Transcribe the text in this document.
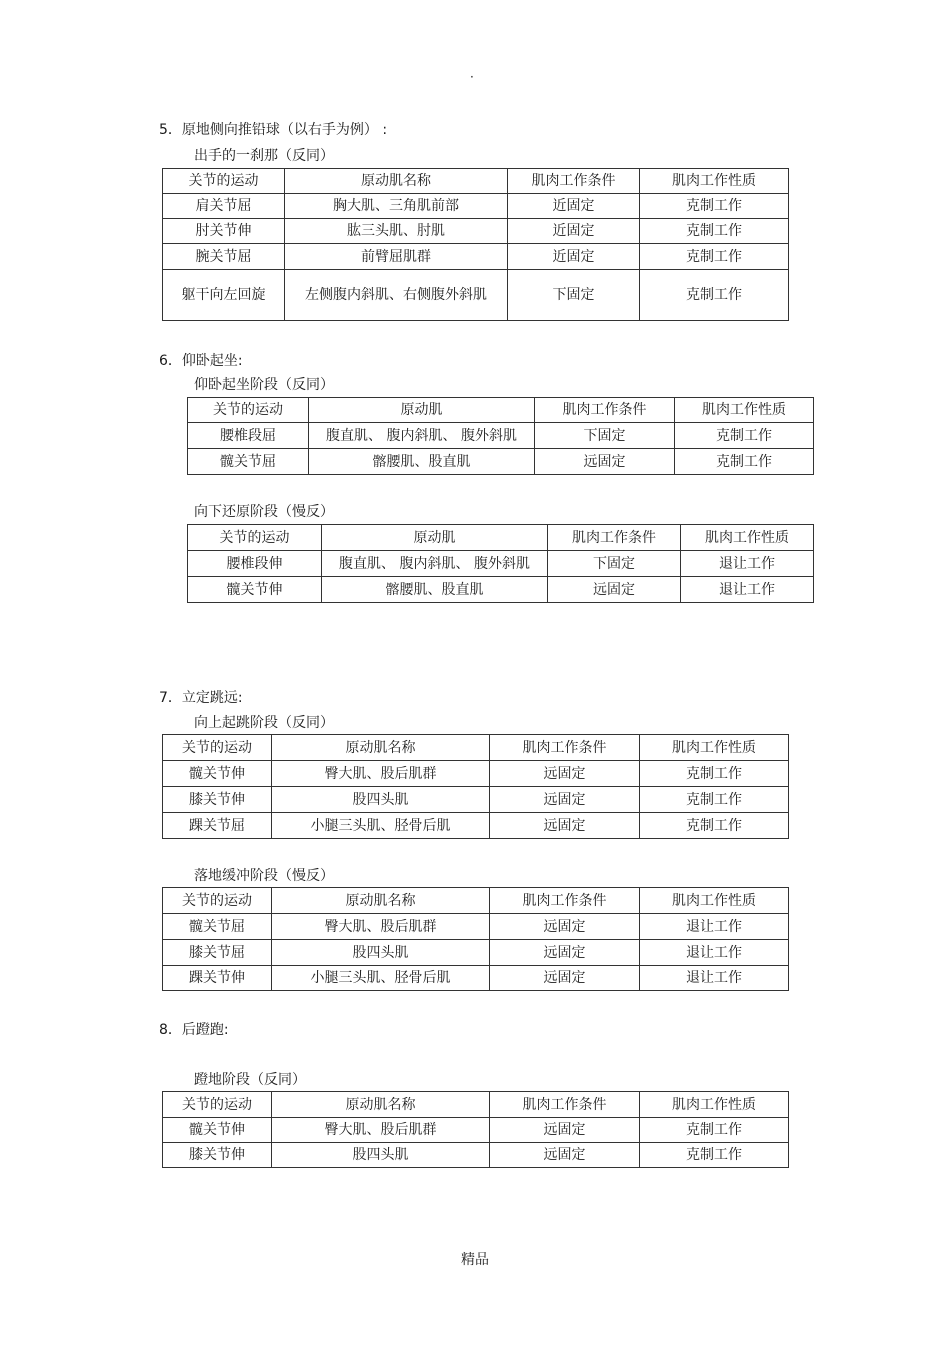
·
5．原地侧向推铅球（以右手为例） :
出手的一刹那（反同）
关节的运动	原动肌名称	肌肉工作条件	肌肉工作性质
肩关节屈	胸大肌、三角肌前部	近固定	克制工作
肘关节伸	肱三头肌、肘肌	近固定	克制工作
腕关节屈	前臂屈肌群	近固定	克制工作
躯干向左回旋	左侧腹内斜肌、右侧腹外斜肌	下固定	克制工作
6．仰卧起坐:
仰卧起坐阶段（反同）
关节的运动	原动肌	肌肉工作条件	肌肉工作性质
腰椎段屈	腹直肌、 腹内斜肌、 腹外斜肌	下固定	克制工作
髋关节屈	髂腰肌、股直肌	远固定	克制工作
向下还原阶段（慢反）
关节的运动	原动肌	肌肉工作条件	肌肉工作性质
腰椎段伸	腹直肌、 腹内斜肌、 腹外斜肌	下固定	退让工作
髋关节伸	髂腰肌、股直肌	远固定	退让工作
7．立定跳远:
向上起跳阶段（反同）
关节的运动	原动肌名称	肌肉工作条件	肌肉工作性质
髋关节伸	臀大肌、股后肌群	远固定	克制工作
膝关节伸	股四头肌	远固定	克制工作
踝关节屈	小腿三头肌、胫骨后肌	远固定	克制工作
落地缓冲阶段（慢反）
关节的运动	原动肌名称	肌肉工作条件	肌肉工作性质
髋关节屈	臀大肌、股后肌群	远固定	退让工作
膝关节屈	股四头肌	远固定	退让工作
踝关节伸	小腿三头肌、胫骨后肌	远固定	退让工作
8．后蹬跑:
蹬地阶段（反同）
关节的运动	原动肌名称	肌肉工作条件	肌肉工作性质
髋关节伸	臀大肌、股后肌群	远固定	克制工作
膝关节伸	股四头肌	远固定	克制工作
精品
